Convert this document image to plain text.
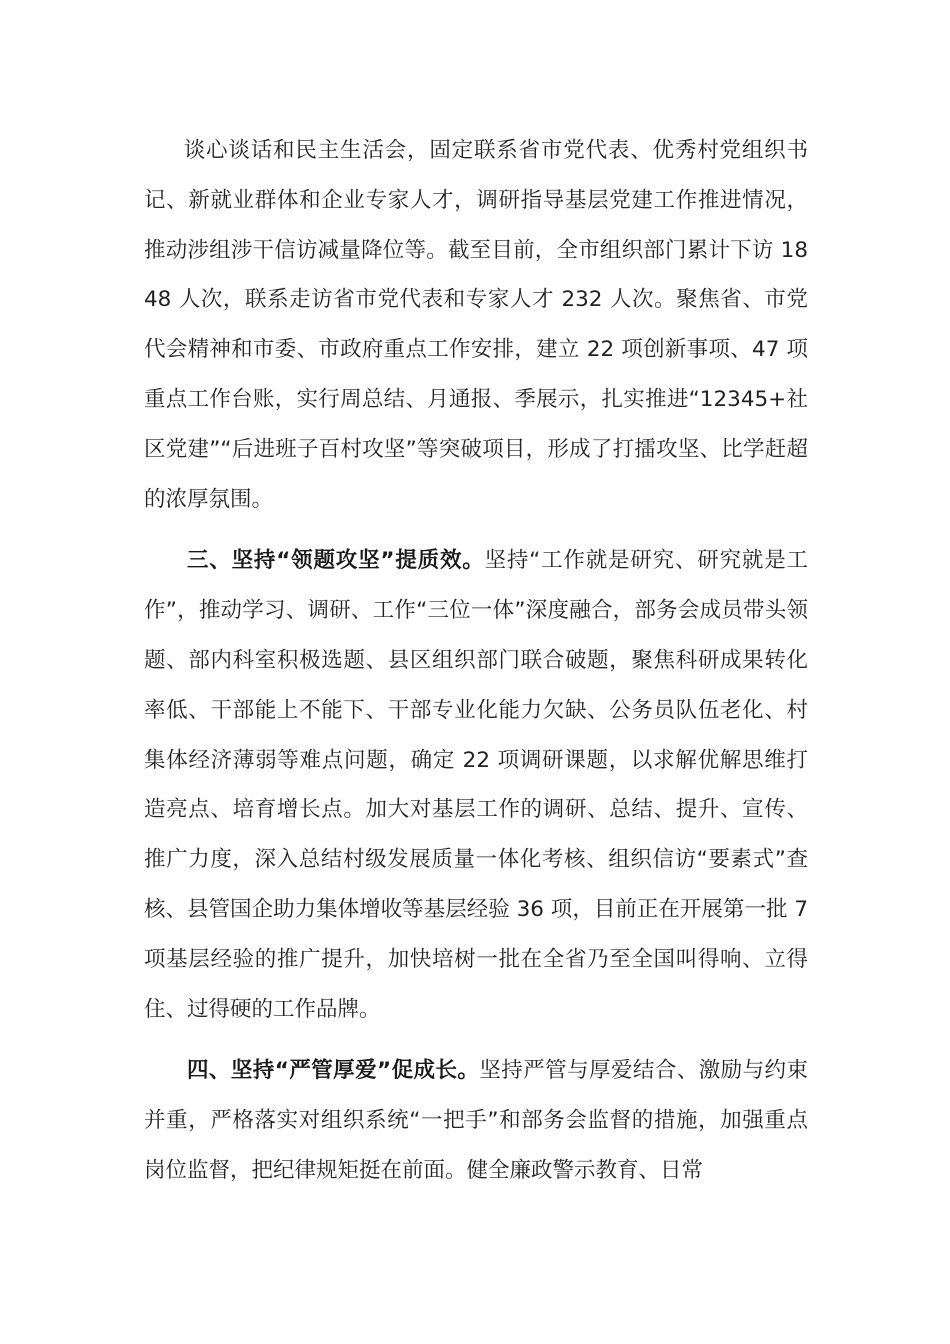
谈心谈话和民主生活会，固定联系省市党代表、优秀村党组织书记、新就业群体和企业专家人才，调研指导基层党建工作推进情况，推动涉组涉干信访减量降位等。截至目前，全市组织部门累计下访 1848 人次，联系走访省市党代表和专家人才 232 人次。聚焦省、市党代会精神和市委、市政府重点工作安排，建立 22 项创新事项、47 项重点工作台账，实行周总结、月通报、季展示，扎实推进“12345+社区党建”“后进班子百村攻坚”等突破项目，形成了打擂攻坚、比学赶超的浓厚氛围。

三、坚持“领题攻坚”提质效。坚持“工作就是研究、研究就是工作”，推动学习、调研、工作“三位一体”深度融合，部务会成员带头领题、部内科室积极选题、县区组织部门联合破题，聚焦科研成果转化率低、干部能上不能下、干部专业化能力欠缺、公务员队伍老化、村集体经济薄弱等难点问题，确定 22 项调研课题，以求解优解思维打造亮点、培育增长点。加大对基层工作的调研、总结、提升、宣传、推广力度，深入总结村级发展质量一体化考核、组织信访“要素式”查核、县管国企助力集体增收等基层经验 36 项，目前正在开展第一批 7 项基层经验的推广提升，加快培树一批在全省乃至全国叫得响、立得住、过得硬的工作品牌。

四、坚持“严管厚爱”促成长。坚持严管与厚爱结合、激励与约束并重，严格落实对组织系统“一把手”和部务会监督的措施，加强重点岗位监督，把纪律规矩挺在前面。健全廉政警示教育、日常
